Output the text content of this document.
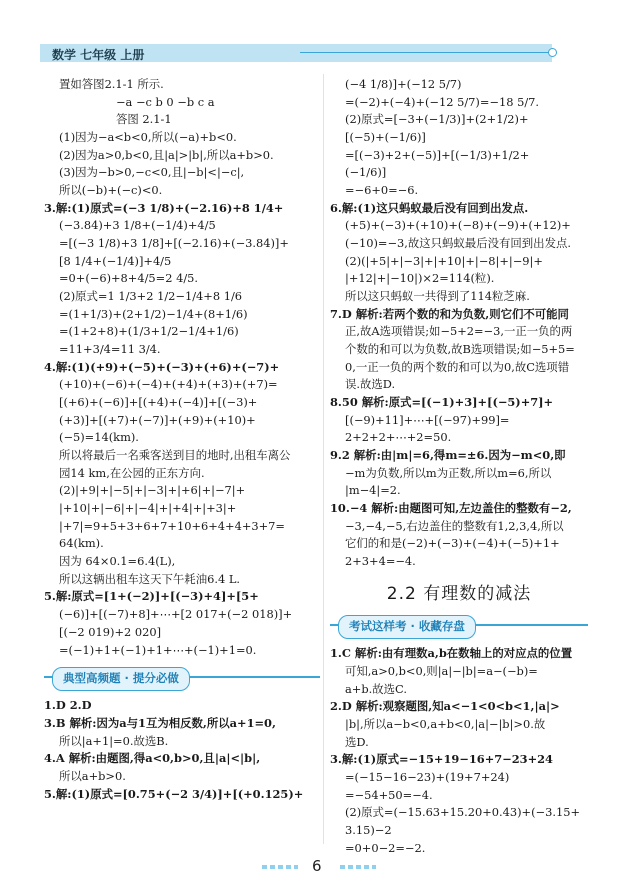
数学 七年级 上册
置如答图2.1-1 所示.
−a −c b 0 −b c a
答图 2.1-1
(1)因为−a<b<0,所以(−a)+b<0.
(2)因为a>0,b<0,且|a|>|b|,所以a+b>0.
(3)因为−b>0,−c<0,且|−b|<|−c|,
所以(−b)+(−c)<0.
3.解:(1)原式=(−3 1/8)+(−2.16)+8 1/4+
(−3.84)+3 1/8+(−1/4)+4/5
=[(−3 1/8)+3 1/8]+[(−2.16)+(−3.84)]+
[8 1/4+(−1/4)]+4/5
=0+(−6)+8+4/5=2 4/5.
(2)原式=1 1/3+2 1/2−1/4+8 1/6
=(1+1/3)+(2+1/2)−1/4+(8+1/6)
=(1+2+8)+(1/3+1/2−1/4+1/6)
=11+3/4=11 3/4.
4.解:(1)(+9)+(−5)+(−3)+(+6)+(−7)+
(+10)+(−6)+(−4)+(+4)+(+3)+(+7)=
[(+6)+(−6)]+[(+4)+(−4)]+[(−3)+
(+3)]+[(+7)+(−7)]+(+9)+(+10)+
(−5)=14(km).
所以将最后一名乘客送到目的地时,出租车离公
园14 km,在公园的正东方向.
(2)|+9|+|−5|+|−3|+|+6|+|−7|+
|+10|+|−6|+|−4|+|+4|+|+3|+
|+7|=9+5+3+6+7+10+6+4+4+3+7=
64(km).
因为 64×0.1=6.4(L),
所以这辆出租车这天下午耗油6.4 L.
5.解:原式=[1+(−2)]+[(−3)+4]+[5+
(−6)]+[(−7)+8]+⋯+[2 017+(−2 018)]+
[(−2 019)+2 020]
=(−1)+1+(−1)+1+⋯+(−1)+1=0.
典型高频题 · 提分必做
1.D 2.D
3.B 解析:因为a与1互为相反数,所以a+1=0,
所以|a+1|=0.故选B.
4.A 解析:由题图,得a<0,b>0,且|a|<|b|,
所以a+b>0.
5.解:(1)原式=[0.75+(−2 3/4)]+[(+0.125)+
(−4 1/8)]+(−12 5/7)
=(−2)+(−4)+(−12 5/7)=−18 5/7.
(2)原式=[−3+(−1/3)]+(2+1/2)+
[(−5)+(−1/6)]
=[(−3)+2+(−5)]+[(−1/3)+1/2+
(−1/6)]
=−6+0=−6.
6.解:(1)这只蚂蚁最后没有回到出发点.
(+5)+(−3)+(+10)+(−8)+(−9)+(+12)+
(−10)=−3,故这只蚂蚁最后没有回到出发点.
(2)(|+5|+|−3|+|+10|+|−8|+|−9|+
|+12|+|−10|)×2=114(粒).
所以这只蚂蚁一共得到了114粒芝麻.
7.D 解析:若两个数的和为负数,则它们不可能同
正,故A选项错误;如−5+2=−3,一正一负的两
个数的和可以为负数,故B选项错误;如−5+5=
0,一正一负的两个数的和可以为0,故C选项错
误.故选D.
8.50 解析:原式=[(−1)+3]+[(−5)+7]+
[(−9)+11]+⋯+[(−97)+99]=
2+2+2+⋯+2=50.
9.2 解析:由|m|=6,得m=±6.因为−m<0,即
−m为负数,所以m为正数,所以m=6,所以
|m−4|=2.
10.−4 解析:由题图可知,左边盖住的整数有−2,
−3,−4,−5,右边盖住的整数有1,2,3,4,所以
它们的和是(−2)+(−3)+(−4)+(−5)+1+
2+3+4=−4.
2.2 有理数的减法
考试这样考 · 收藏存盘
1.C 解析:由有理数a,b在数轴上的对应点的位置
可知,a>0,b<0,则|a|−|b|=a−(−b)=
a+b.故选C.
2.D 解析:观察题图,知a<−1<0<b<1,|a|>
|b|,所以a−b<0,a+b<0,|a|−|b|>0.故
选D.
3.解:(1)原式=−15+19−16+7−23+24
=(−15−16−23)+(19+7+24)
=−54+50=−4.
(2)原式=(−15.63+15.20+0.43)+(−3.15+
3.15)−2
=0+0−2=−2.
6
